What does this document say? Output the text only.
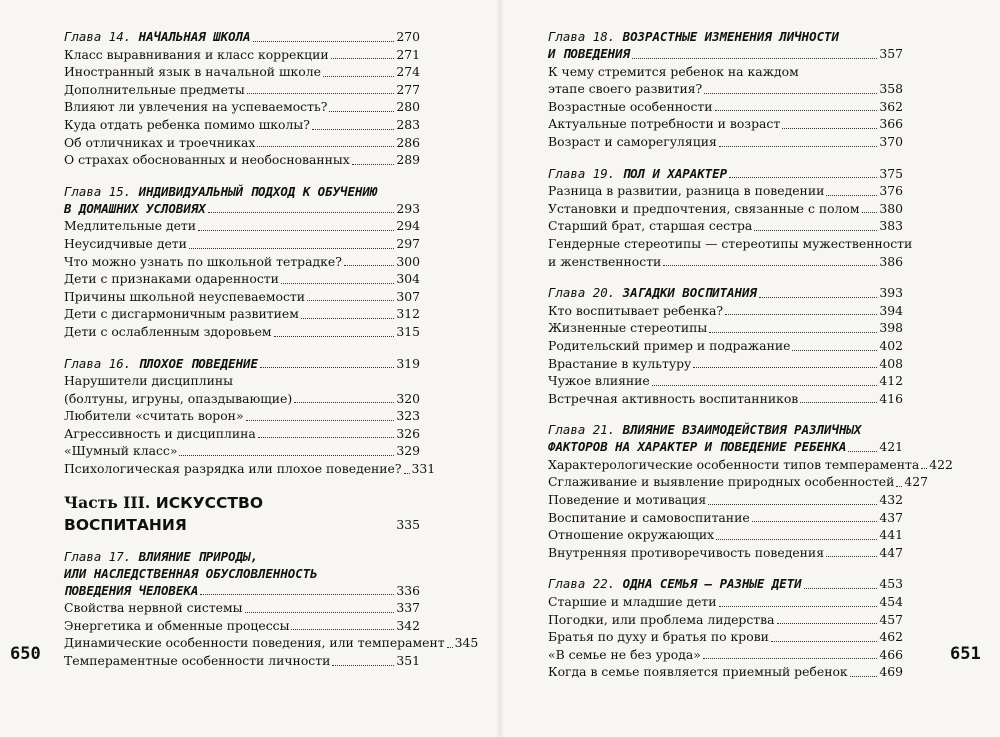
Глава 14. НАЧАЛЬНАЯ ШКОЛА	270
Класс выравнивания и класс коррекции	271
Иностранный язык в начальной школе	274
Дополнительные предметы	277
Влияют ли увлечения на успеваемость?	280
Куда отдать ребенка помимо школы?	283
Об отличниках и троечниках	286
О страхах обоснованных и необоснованных	289
Глава 15. ИНДИВИДУАЛЬНЫЙ ПОДХОД К ОБУЧЕНИЮ
В ДОМАШНИХ УСЛОВИЯХ	293
Медлительные дети	294
Неусидчивые дети	297
Что можно узнать по школьной тетрадке?	300
Дети с признаками одаренности	304
Причины школьной неуспеваемости	307
Дети с дисгармоничным развитием	312
Дети с ослабленным здоровьем	315
Глава 16. ПЛОХОЕ ПОВЕДЕНИЕ	319
Нарушители дисциплины
(болтуны, игруны, опаздывающие)	320
Любители «считать ворон»	323
Агрессивность и дисциплина	326
«Шумный класс»	329
Психологическая разрядка или плохое поведение? 331
Часть III. ИСКУССТВО ВОСПИТАНИЯ	335
Глава 17. ВЛИЯНИЕ ПРИРОДЫ,
ИЛИ НАСЛЕДСТВЕННАЯ ОБУСЛОВЛЕННОСТЬ
ПОВЕДЕНИЯ ЧЕЛОВЕКА	336
Свойства нервной системы	337
Энергетика и обменные процессы	342
Динамические особенности поведения, или темперамент 345
Темпераментные особенности личности	351
650
Глава 18. ВОЗРАСТНЫЕ ИЗМЕНЕНИЯ ЛИЧНОСТИ
И ПОВЕДЕНИЯ	357
К чему стремится ребенок на каждом
этапе своего развития?	358
Возрастные особенности	362
Актуальные потребности и возраст	366
Возраст и саморегуляция	370
Глава 19. ПОЛ И ХАРАКТЕР	375
Разница в развитии, разница в поведении	376
Установки и предпочтения, связанные с полом 380
Старший брат, старшая сестра	383
Гендерные стереотипы — стереотипы мужественности
и женственности	386
Глава 20. ЗАГАДКИ ВОСПИТАНИЯ	393
Кто воспитывает ребенка?	394
Жизненные стереотипы	398
Родительский пример и подражание	402
Врастание в культуру	408
Чужое влияние	412
Встречная активность воспитанников	416
Глава 21. ВЛИЯНИЕ ВЗАИМОДЕЙСТВИЯ РАЗЛИЧНЫХ
ФАКТОРОВ НА ХАРАКТЕР И ПОВЕДЕНИЕ РЕБЕНКА	421
Характерологические особенности типов темперамента 422
Сглаживание и выявление природных особенностей 427
Поведение и мотивация	432
Воспитание и самовоспитание	437
Отношение окружающих	441
Внутренняя противоречивость поведения	447
Глава 22. ОДНА СЕМЬЯ — РАЗНЫЕ ДЕТИ	453
Старшие и младшие дети	454
Погодки, или проблема лидерства	457
Братья по духу и братья по крови	462
«В семье не без урода»	466
Когда в семье появляется приемный ребенок	469
651
